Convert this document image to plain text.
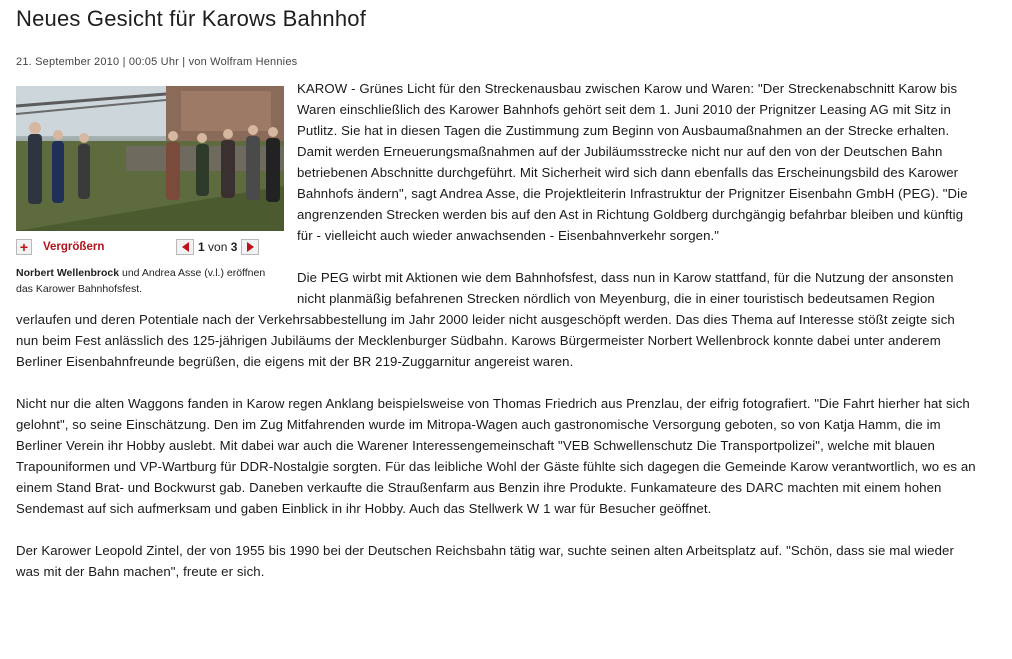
Neues Gesicht für Karows Bahnhof
21. September 2010 | 00:05 Uhr | von Wolfram Hennies

KAROW - Grünes Licht für den Streckenausbau zwischen Karow und Waren: "Der Streckenabschnitt Karow bis Waren einschließlich des Karower Bahnhofs gehört seit dem 1. Juni 2010 der Prignitzer Leasing AG mit Sitz in Putlitz. Sie hat in diesen Tagen die Zustimmung zum Beginn von Ausbaumaßnahmen an der Strecke erhalten. Damit werden Erneuerungsmaßnahmen auf der Jubiläumsstrecke nicht nur auf den von der Deutschen Bahn betriebenen Abschnitte durchgeführt. Mit Sicherheit wird sich dann ebenfalls das Erscheinungsbild des Karower Bahnhofs ändern", sagt Andrea Asse, die Projektleiterin Infrastruktur der Prignitzer Eisenbahn GmbH (PEG). "Die angrenzenden Strecken werden bis auf den Ast in Richtung Goldberg durchgängig befahrbar bleiben und künftig für - vielleicht auch wieder anwachsenden - Eisenbahnverkehr sorgen."

Die PEG wirbt mit Aktionen wie dem Bahnhofsfest, dass nun in Karow stattfand, für die Nutzung der ansonsten nicht planmäßig befahrenen Strecken nördlich von Meyenburg, die in einer touristisch bedeutsamen Region verlaufen und deren Potentiale nach der Verkehrsabbestellung im Jahr 2000 leider nicht ausgeschöpft werden. Das dies Thema auf Interesse stößt zeigte sich nun beim Fest anlässlich des 125-jährigen Jubiläums der Mecklenburger Südbahn. Karows Bürgermeister Norbert Wellenbrock konnte dabei unter anderem Berliner Eisenbahnfreunde begrüßen, die eigens mit der BR 219-Zuggarnitur angereist waren.

Nicht nur die alten Waggons fanden in Karow regen Anklang beispielsweise von Thomas Friedrich aus Prenzlau, der eifrig fotografiert. "Die Fahrt hierher hat sich gelohnt", so seine Einschätzung. Den im Zug Mitfahrenden wurde im Mitropa-Wagen auch gastronomische Versorgung geboten, so von Katja Hamm, die im Berliner Verein ihr Hobby auslebt. Mit dabei war auch die Warener Interessengemeinschaft "VEB Schwellenschutz Die Transportpolizei", welche mit blauen Trapouniformen und VP-Wartburg für DDR-Nostalgie sorgten. Für das leibliche Wohl der Gäste fühlte sich dagegen die Gemeinde Karow verantwortlich, wo es an einem Stand Brat- und Bockwurst gab. Daneben verkaufte die Straußenfarm aus Benzin ihre Produkte. Funkamateure des DARC machten mit einem hohen Sendemast auf sich aufmerksam und gaben Einblick in ihr Hobby. Auch das Stellwerk W 1 war für Besucher geöffnet.

Der Karower Leopold Zintel, der von 1955 bis 1990 bei der Deutschen Reichsbahn tätig war, suchte seinen alten Arbeitsplatz auf. "Schön, dass sie mal wieder was mit der Bahn machen", freute er sich.

+	Vergrößern	1 von 3
Norbert Wellenbrock und Andrea Asse (v.l.) eröffnen das Karower Bahnhofsfest.
